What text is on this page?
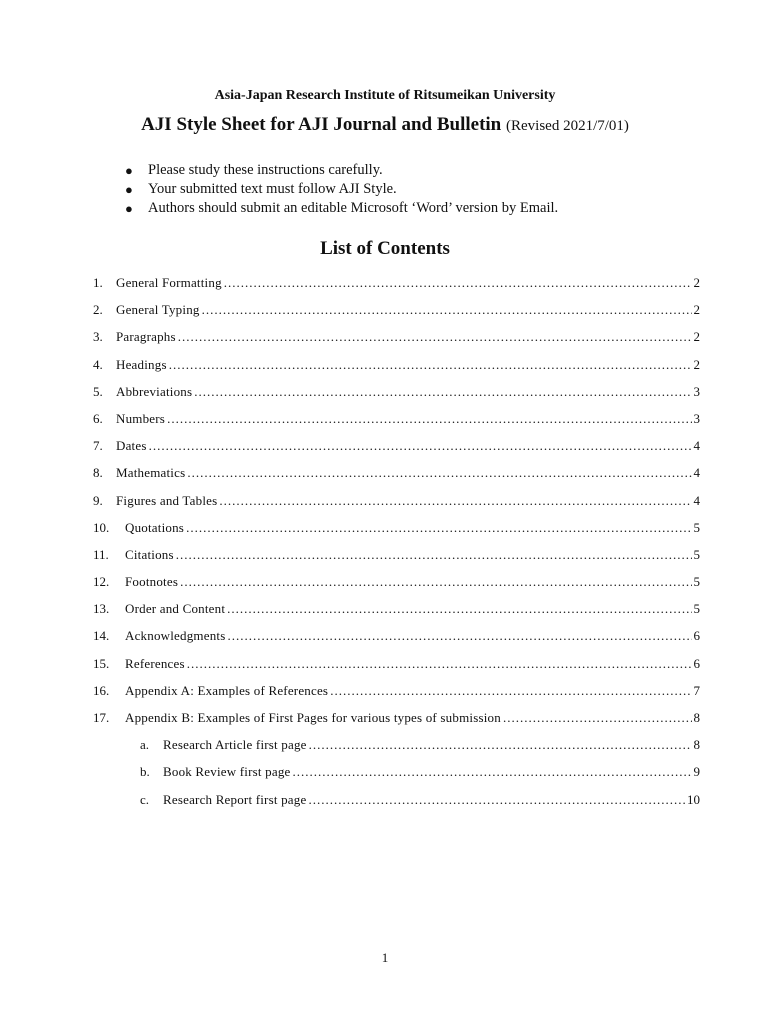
Asia-Japan Research Institute of Ritsumeikan University
AJI Style Sheet for AJI Journal and Bulletin (Revised 2021/7/01)
●	Please study these instructions carefully.
●	Your submitted text must follow AJI Style.
●	Authors should submit an editable Microsoft ‘Word’ version by Email.
List of Contents
1.	General Formatting .....	2
2.	General Typing .....	2
3.	Paragraphs .....	2
4.	Headings .....	2
5.	Abbreviations .....	3
6.	Numbers .....	3
7.	Dates .....	4
8.	Mathematics .....	4
9.	Figures and Tables .....	4
10.	Quotations .....	5
11.	Citations .....	5
12.	Footnotes .....	5
13.	Order and Content .....	5
14.	Acknowledgments .....	6
15.	References .....	6
16.	Appendix A: Examples of References .....	7
17.	Appendix B: Examples of First Pages for various types of submission .....	8
a.	Research Article first page .....	8
b.	Book Review first page .....	9
c.	Research Report first page .....	10
1
